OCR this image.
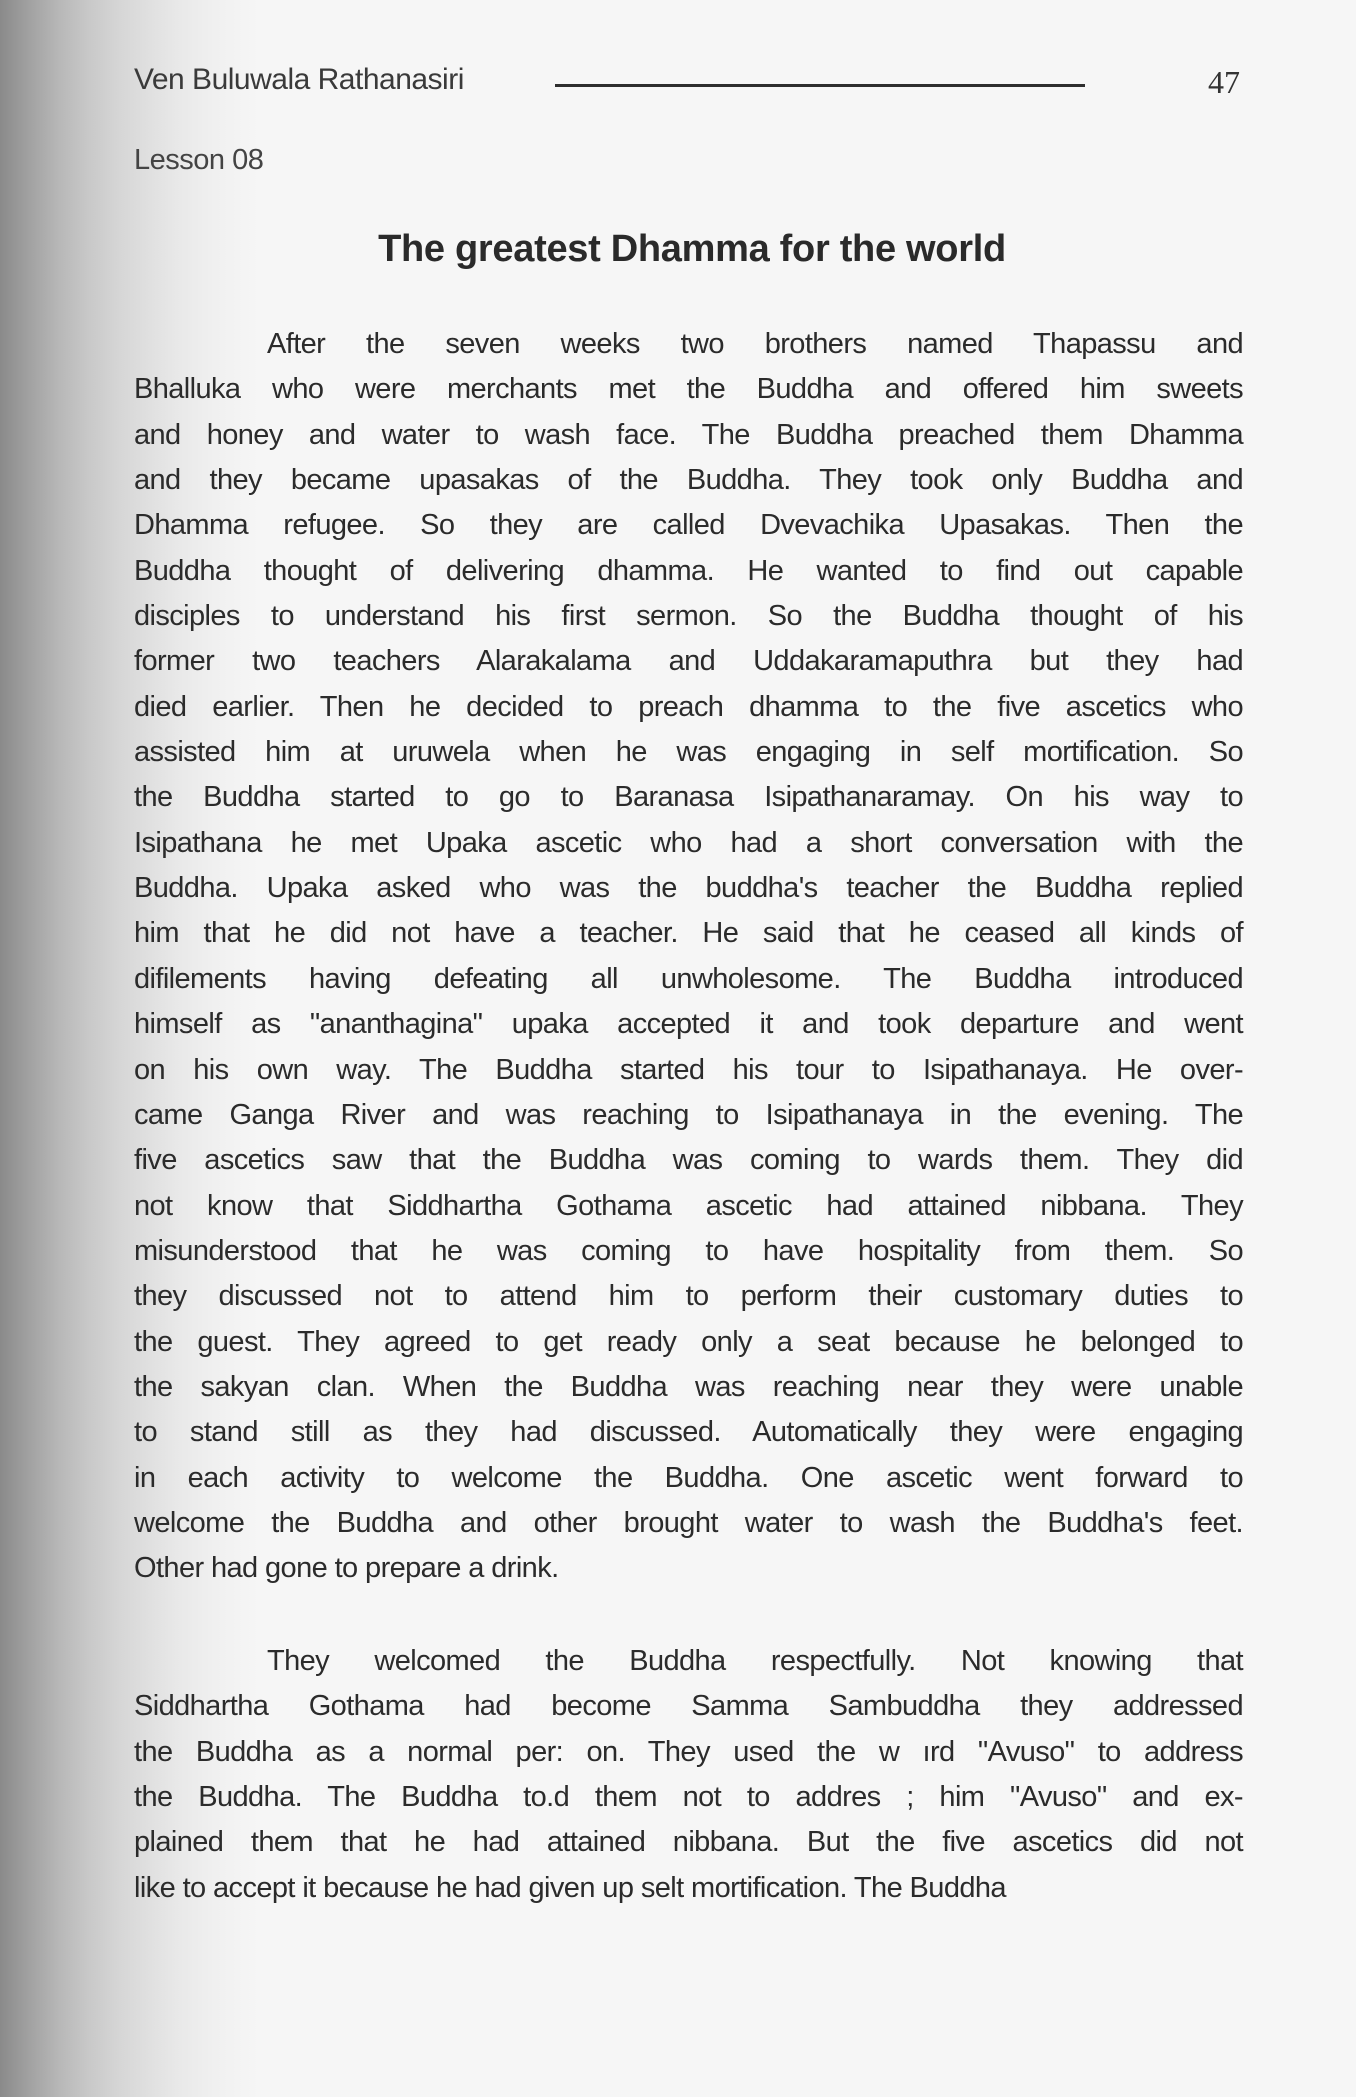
Ven Buluwala Rathanasiri	47
Lesson 08
The greatest Dhamma for the world
After the seven weeks two brothers named Thapassu and
Bhalluka who were merchants met the Buddha and offered him sweets
and honey and water to wash face. The Buddha preached them Dhamma
and they became upasakas of the Buddha. They took only Buddha and
Dhamma refugee. So they are called Dvevachika Upasakas. Then the
Buddha thought of delivering dhamma. He wanted to find out capable
disciples to understand his first sermon. So the Buddha thought of his
former two teachers Alarakalama and Uddakaramaputhra but they had
died earlier. Then he decided to preach dhamma to the five ascetics who
assisted him at uruwela when he was engaging in self mortification. So
the Buddha started to go to Baranasa Isipathanaramay. On his way to
Isipathana he met Upaka ascetic who had a short conversation with the
Buddha. Upaka asked who was the buddha's teacher the Buddha replied
him that he did not have a teacher. He said that he ceased all kinds of
difilements having defeating all unwholesome. The Buddha introduced
himself as "ananthagina" upaka accepted it and took departure and went
on his own way. The Buddha started his tour to Isipathanaya. He over-
came Ganga River and was reaching to Isipathanaya in the evening. The
five ascetics saw that the Buddha was coming to wards them. They did
not know that Siddhartha Gothama ascetic had attained nibbana. They
misunderstood that he was coming to have hospitality from them. So
they discussed not to attend him to perform their customary duties to
the guest. They agreed to get ready only a seat because he belonged to
the sakyan clan. When the Buddha was reaching near they were unable
to stand still as they had discussed. Automatically they were engaging
in each activity to welcome the Buddha. One ascetic went forward to
welcome the Buddha and other brought water to wash the Buddha's feet.
Other had gone to prepare a drink.
They welcomed the Buddha respectfully. Not knowing that
Siddhartha Gothama had become Samma Sambuddha they addressed
the Buddha as a normal per: on. They used the w ırd "Avuso" to address
the Buddha. The Buddha to.d them not to addres ; him "Avuso" and ex-
plained them that he had attained nibbana. But the five ascetics did not
like to accept it because he had given up selt mortification. The Buddha
